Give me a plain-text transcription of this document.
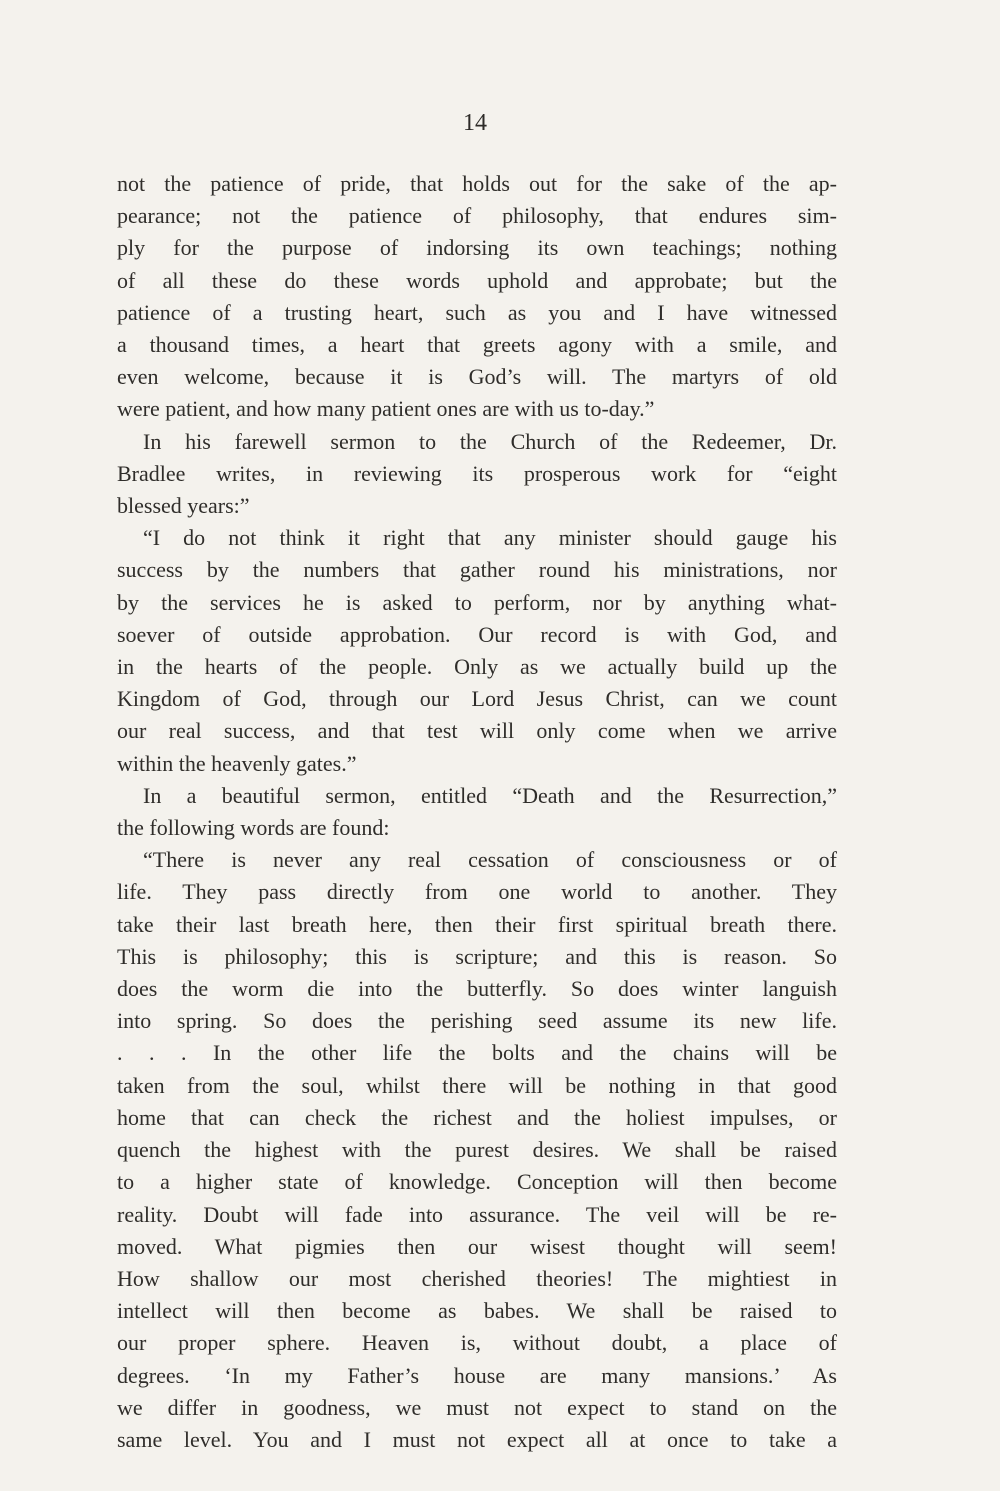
14
not the patience of pride, that holds out for the sake of the ap-
pearance; not the patience of philosophy, that endures sim-
ply for the purpose of indorsing its own teachings; nothing
of all these do these words uphold and approbate; but the
patience of a trusting heart, such as you and I have witnessed
a thousand times, a heart that greets agony with a smile, and
even welcome, because it is God’s will. The martyrs of old
were patient, and how many patient ones are with us to-day.”
In his farewell sermon to the Church of the Redeemer, Dr.
Bradlee writes, in reviewing its prosperous work for “eight
blessed years:”
“I do not think it right that any minister should gauge his
success by the numbers that gather round his ministrations, nor
by the services he is asked to perform, nor by anything what-
soever of outside approbation. Our record is with God, and
in the hearts of the people. Only as we actually build up the
Kingdom of God, through our Lord Jesus Christ, can we count
our real success, and that test will only come when we arrive
within the heavenly gates.”
In a beautiful sermon, entitled “Death and the Resurrection,”
the following words are found:
“There is never any real cessation of consciousness or of
life. They pass directly from one world to another. They
take their last breath here, then their first spiritual breath there.
This is philosophy; this is scripture; and this is reason. So
does the worm die into the butterfly. So does winter languish
into spring. So does the perishing seed assume its new life.
. . . In the other life the bolts and the chains will be
taken from the soul, whilst there will be nothing in that good
home that can check the richest and the holiest impulses, or
quench the highest with the purest desires. We shall be raised
to a higher state of knowledge. Conception will then become
reality. Doubt will fade into assurance. The veil will be re-
moved. What pigmies then our wisest thought will seem!
How shallow our most cherished theories! The mightiest in
intellect will then become as babes. We shall be raised to
our proper sphere. Heaven is, without doubt, a place of
degrees. ‘In my Father’s house are many mansions.’ As
we differ in goodness, we must not expect to stand on the
same level. You and I must not expect all at once to take a
